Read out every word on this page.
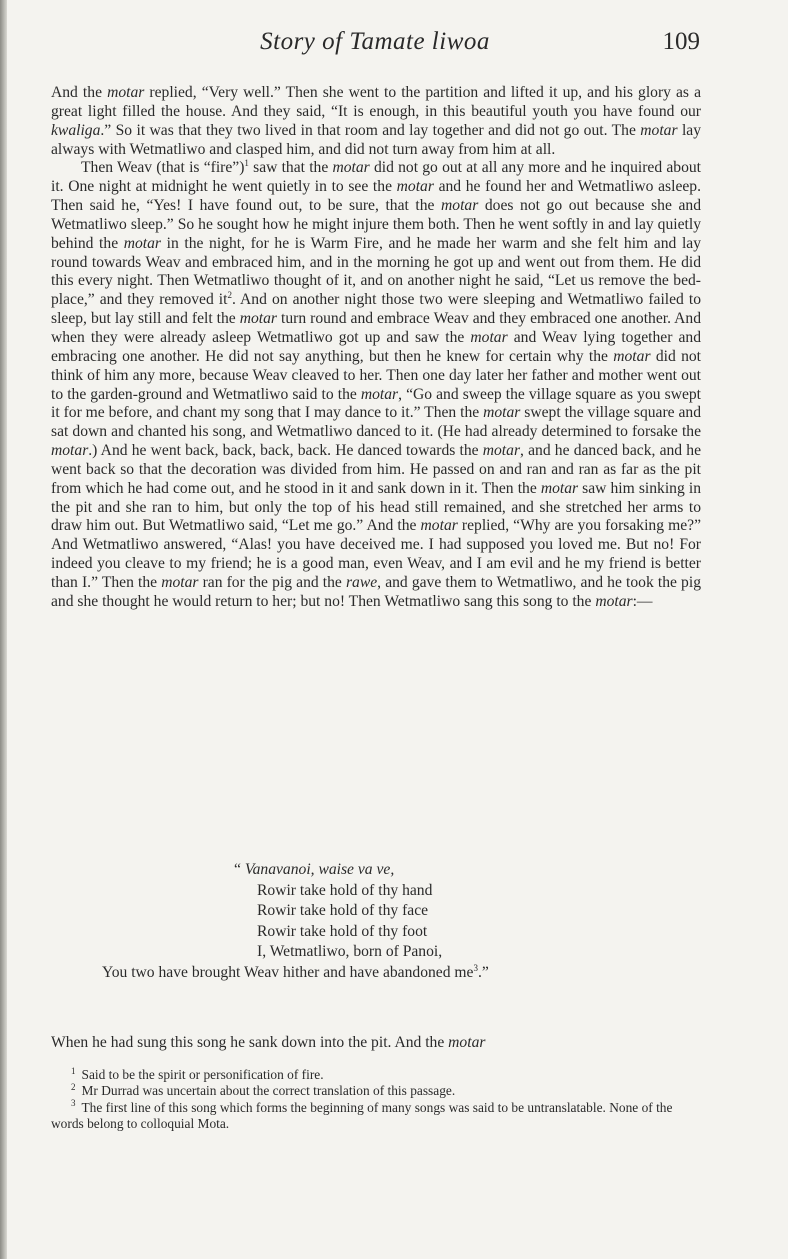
Story of Tamate liwoa	109

And the motar replied, “Very well.” Then she went to the partition and lifted it up, and his glory as a great light filled the house. And they said, “It is enough, in this beautiful youth you have found our kwaliga.” So it was that they two lived in that room and lay together and did not go out. The motar lay always with Wetmatliwo and clasped him, and did not turn away from him at all.

Then Weav (that is “fire”)$^1$ saw that the motar did not go out at all any more and he inquired about it. One night at midnight he went quietly in to see the motar and he found her and Wetmatliwo asleep. Then said he, “Yes! I have found out, to be sure, that the motar does not go out because she and Wetmatliwo sleep.” So he sought how he might injure them both. Then he went softly in and lay quietly behind the motar in the night, for he is Warm Fire, and he made her warm and she felt him and lay round towards Weav and embraced him, and in the morning he got up and went out from them. He did this every night. Then Wetmatliwo thought of it, and on another night he said, “Let us remove the bed-place,” and they removed $it^2$. And on another night those two were sleeping and Wetmatliwo failed to sleep, but lay still and felt the motar turn round and embrace Weav and they embraced one another. And when they were already asleep Wetmatliwo got up and saw the motar and Weav lying together and embracing one another. He did not say anything, but then he knew for certain why the motar did not think of him any more, because Weav cleaved to her. Then one day later her father and mother went out to the garden-ground and Wetmatliwo said to the motar, “Go and sweep the village square as you swept it for me before, and chant my song that I may dance to it.” Then the motar swept the village square and sat down and chanted his song, and Wetmatliwo danced to it. (He had already determined to forsake the motar.) And he went back, back, back, back. He danced towards the motar, and he danced back, and he went back so that the decoration was divided from him. He passed on and ran and ran as far as the pit from which he had come out, and he stood in it and sank down in it. Then the motar saw him sinking in the pit and she ran to him, but only the top of his head still remained, and she stretched her arms to draw him out. But Wetmatliwo said, “Let me go.” And the motar replied, “Why are you forsaking me?” And Wetmatliwo answered, “Alas! you have deceived me. I had supposed you loved me. But no! For indeed you cleave to my friend; he is a good man, even Weav, and I am evil and he my friend is better than I.” Then the motar ran for the pig and the rawe, and gave them to Wetmatliwo, and he took the pig and she thought he would return to her; but no! Then Wetmatliwo sang this song to the motar:—

“ Vanavanoi, waise va ve,
Rowir take hold of thy hand
Rowir take hold of thy face
Rowir take hold of thy foot
I, Wetmatliwo, born of Panoi,
You two have brought Weav hither and have abandoned $me^3$.”
When he had sung this song he sank down into the pit. And the motar

$^1$ Said to be the spirit or personification of fire.

$^2$ Mr Durrad was uncertain about the correct translation of this passage.

$^3$ The first line of this song which forms the beginning of many songs was said to be untranslatable. None of the words belong to colloquial Mota.
